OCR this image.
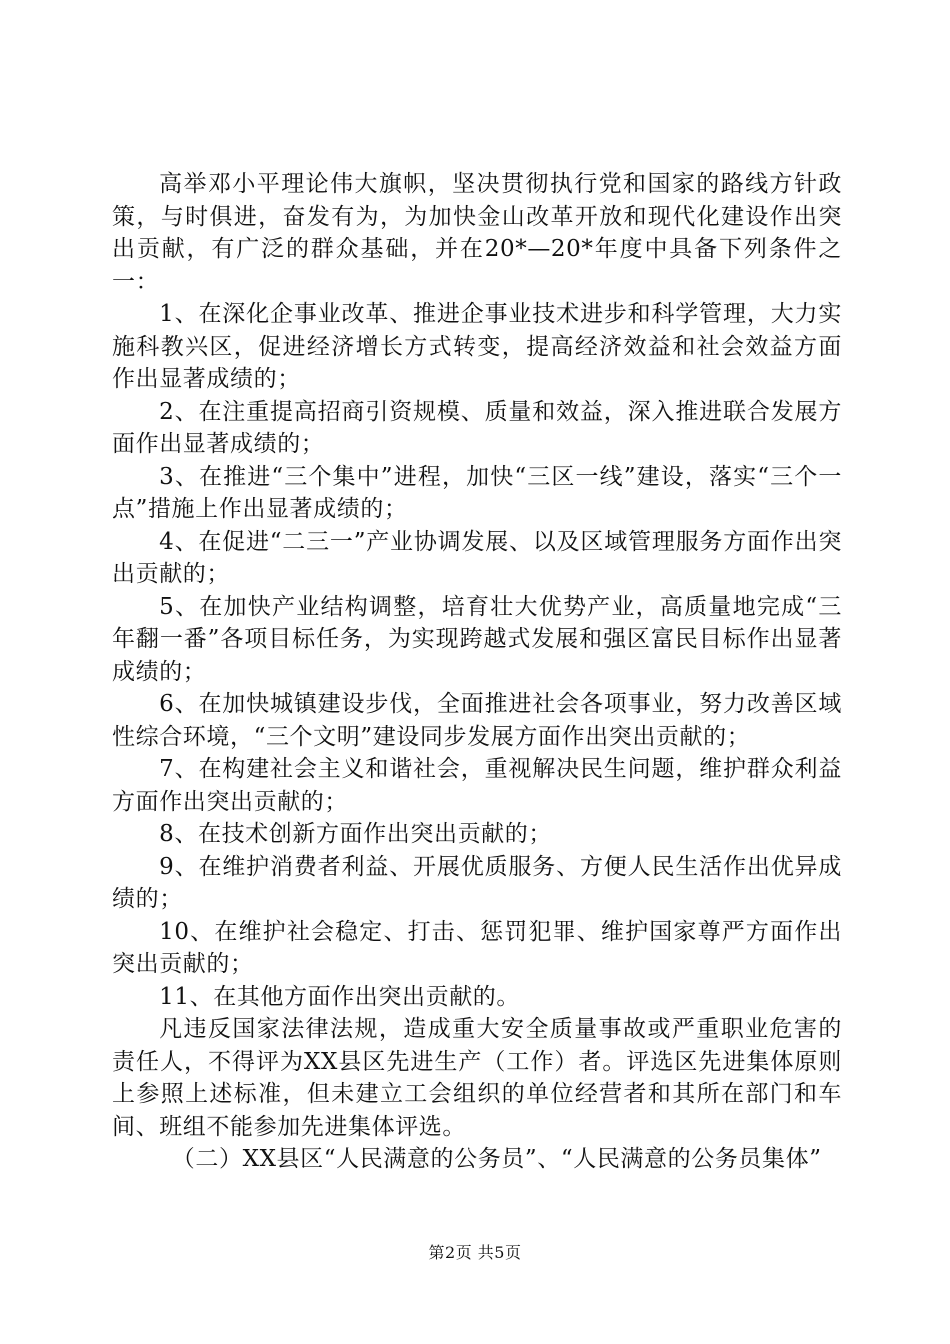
高举邓小平理论伟大旗帜，坚决贯彻执行党和国家的路线方针政策，与时俱进，奋发有为，为加快金山改革开放和现代化建设作出突出贡献，有广泛的群众基础，并在20*—20*年度中具备下列条件之一：

1、在深化企事业改革、推进企事业技术进步和科学管理，大力实施科教兴区，促进经济增长方式转变，提高经济效益和社会效益方面作出显著成绩的；

2、在注重提高招商引资规模、质量和效益，深入推进联合发展方面作出显著成绩的；

3、在推进“三个集中”进程，加快“三区一线”建设，落实“三个一点”措施上作出显著成绩的；

4、在促进“二三一”产业协调发展、以及区域管理服务方面作出突出贡献的；

5、在加快产业结构调整，培育壮大优势产业，高质量地完成“三年翻一番”各项目标任务，为实现跨越式发展和强区富民目标作出显著成绩的；

6、在加快城镇建设步伐，全面推进社会各项事业，努力改善区域性综合环境，“三个文明”建设同步发展方面作出突出贡献的；

7、在构建社会主义和谐社会，重视解决民生问题，维护群众利益方面作出突出贡献的；

8、在技术创新方面作出突出贡献的；

9、在维护消费者利益、开展优质服务、方便人民生活作出优异成绩的；

10、在维护社会稳定、打击、惩罚犯罪、维护国家尊严方面作出突出贡献的；

11、在其他方面作出突出贡献的。

凡违反国家法律法规，造成重大安全质量事故或严重职业危害的责任人，不得评为XX县区先进生产（工作）者。评选区先进集体原则上参照上述标准，但未建立工会组织的单位经营者和其所在部门和车间、班组不能参加先进集体评选。

（二）XX县区“人民满意的公务员”、“人民满意的公务员集体”

第2页 共5页
